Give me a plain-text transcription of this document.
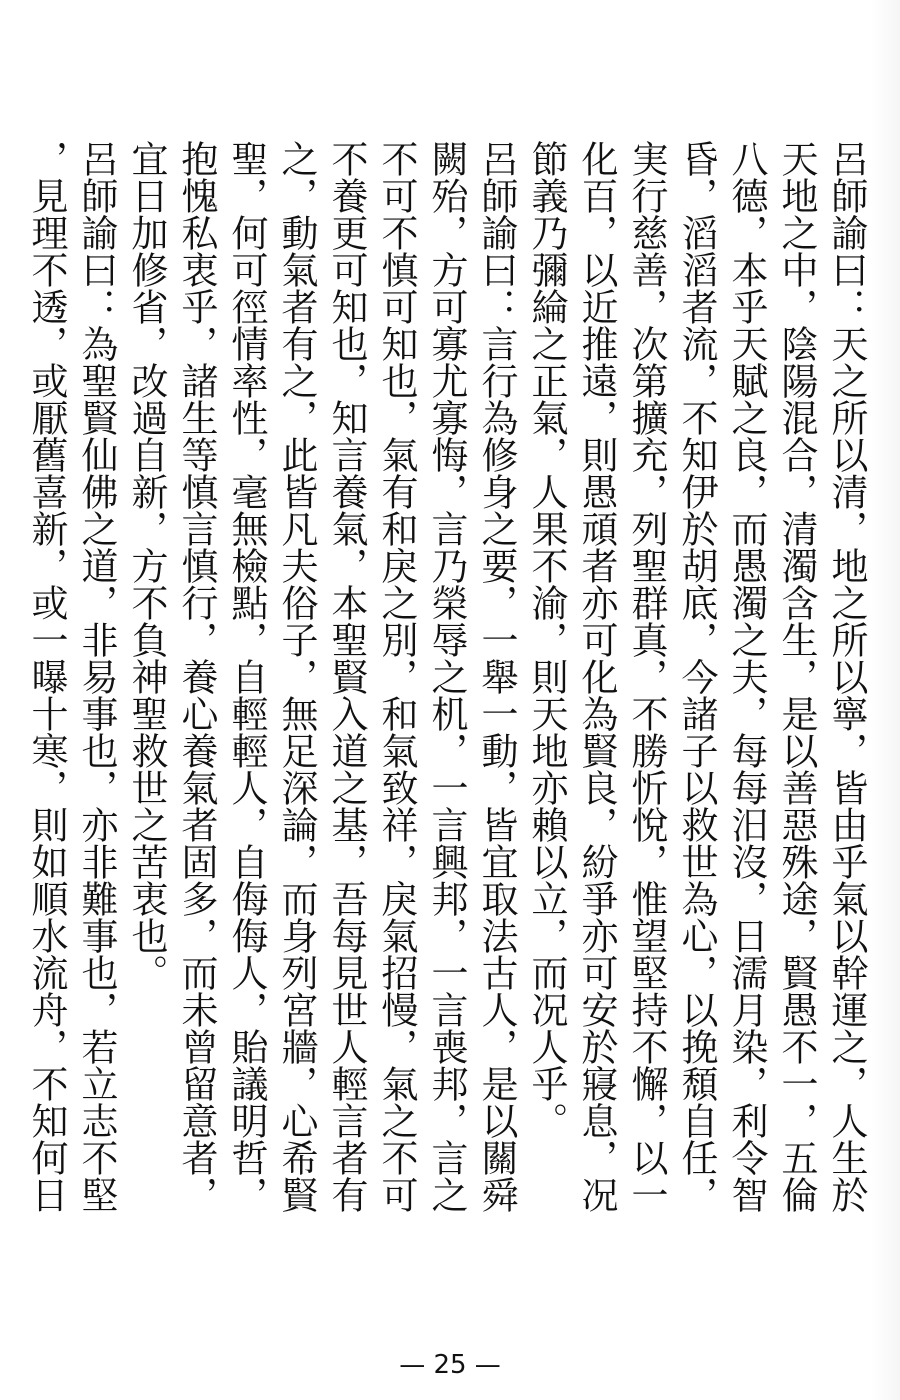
呂師諭曰：天之所以清，地之所以寧，皆由乎氣以幹運之，人生於
天地之中，陰陽混合，清濁含生，是以善惡殊途，賢愚不一，五倫
八德，本乎天賦之良，而愚濁之夫，每每汨沒，日濡月染，利令智
昏，滔滔者流，不知伊於胡底，今諸子以救世為心，以挽頹自任，
実行慈善，次第擴充，列聖群真，不勝忻悅，惟望堅持不懈，以一
化百，以近推遠，則愚頑者亦可化為賢良，紛爭亦可安於寢息，况
節義乃彌綸之正氣，人果不渝，則天地亦賴以立，而况人乎。
呂師諭曰：言行為修身之要，一舉一動，皆宜取法古人，是以關舜
闕殆，方可寡尤寡悔，言乃榮辱之机，一言興邦，一言喪邦，言之
不可不慎可知也，氣有和戾之別，和氣致祥，戾氣招慢，氣之不可
不養更可知也，知言養氣，本聖賢入道之基，吾每見世人輕言者有
之，動氣者有之，此皆凡夫俗子，無足深論，而身列宮牆，心希賢
聖，何可徑情率性，毫無檢點，自輕輕人，自侮侮人，貽議明哲，
抱愧私衷乎，諸生等慎言慎行，養心養氣者固多，而未曾留意者，
宜日加修省，改過自新，方不負神聖救世之苦衷也。
呂師諭曰：為聖賢仙佛之道，非易事也，亦非難事也，若立志不堅
，見理不透，或厭舊喜新，或一曝十寒，則如順水流舟，不知何日
— 25 —
